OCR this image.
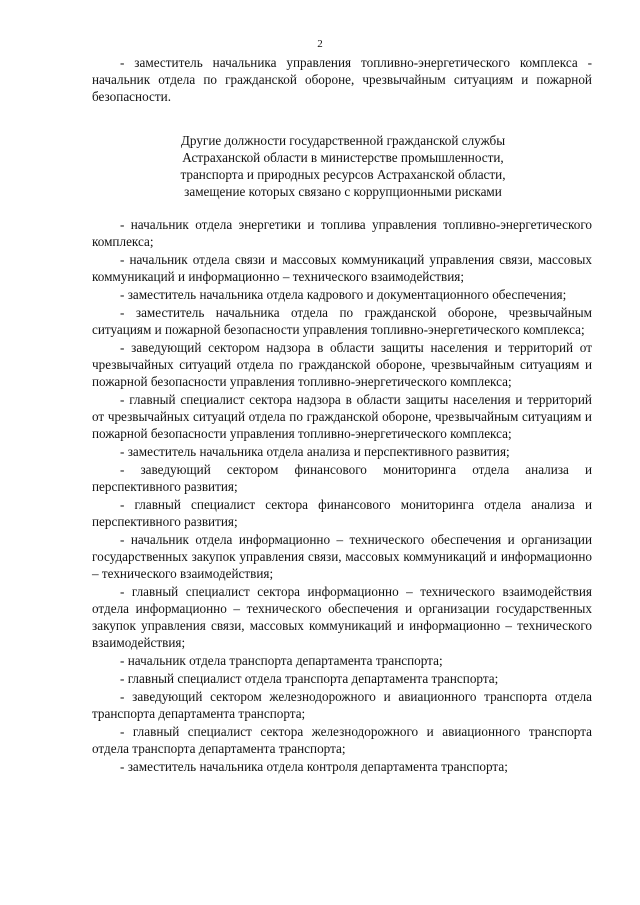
2

- заместитель начальника управления топливно-энергетического комплекса - начальник отдела по гражданской обороне, чрезвычайным ситуациям и пожарной безопасности.

Другие должности государственной гражданской службы
Астраханской области в министерстве промышленности,
транспорта и природных ресурсов Астраханской области,
замещение которых связано с коррупционными рисками

- начальник отдела энергетики и топлива управления топливно-энергетического комплекса;

- начальник отдела связи и массовых коммуникаций управления связи, массовых коммуникаций и информационно – технического взаимодействия;

- заместитель начальника отдела кадрового и документационного обеспечения;

- заместитель начальника отдела по гражданской обороне, чрезвычайным ситуациям и пожарной безопасности управления топливно-энергетического комплекса;

- заведующий сектором надзора в области защиты населения и территорий от чрезвычайных ситуаций отдела по гражданской обороне, чрезвычайным ситуациям и пожарной безопасности управления топливно-энергетического комплекса;

- главный специалист сектора надзора в области защиты населения и территорий от чрезвычайных ситуаций отдела по гражданской обороне, чрезвычайным ситуациям и пожарной безопасности управления топливно-энергетического комплекса;

- заместитель начальника отдела анализа и перспективного развития;

- заведующий сектором финансового мониторинга отдела анализа и перспективного развития;

- главный специалист сектора финансового мониторинга отдела анализа и перспективного развития;

- начальник отдела информационно – технического обеспечения и организации государственных закупок управления связи, массовых коммуникаций и информационно – технического взаимодействия;

- главный специалист сектора информационно – технического взаимодействия отдела информационно – технического обеспечения и организации государственных закупок управления связи, массовых коммуникаций и информационно – технического взаимодействия;

- начальник отдела транспорта департамента транспорта;

- главный специалист отдела транспорта департамента транспорта;

- заведующий сектором железнодорожного и авиационного транспорта отдела транспорта департамента транспорта;

- главный специалист сектора железнодорожного и авиационного транспорта отдела транспорта департамента транспорта;

- заместитель начальника отдела контроля департамента транспорта;
